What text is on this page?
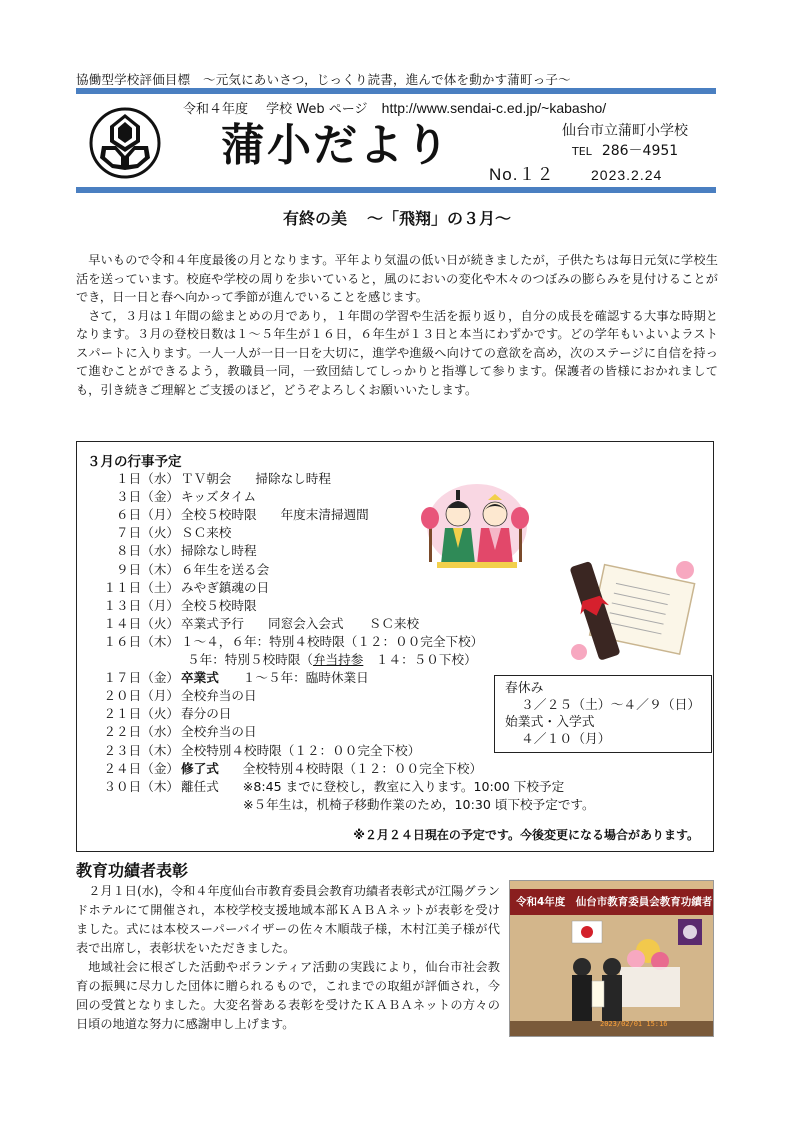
協働型学校評価目標　～元気にあいさつ，じっくり読書，進んで体を動かす蒲町っ子～
令和４年度 学校 Web ページ http://www.sendai-c.ed.jp/~kabasho/
蒲小だより
No.１２
仙台市立蒲町小学校
TEL 286－4951
2023.2.24
有終の美 ～「飛翔」の３月～

早いもので令和４年度最後の月となります。平年より気温の低い日が続きましたが，子供たちは毎日元気に学校生活を送っています。校庭や学校の周りを歩いていると，風のにおいの変化や木々のつぼみの膨らみを見付けることができ，日一日と春へ向かって季節が進んでいることを感じます。

さて，３月は１年間の総まとめの月であり，１年間の学習や生活を振り返り，自分の成長を確認する大事な時期となります。３月の登校日数は１～５年生が１６日，６年生が１３日と本当にわずかです。どの学年もいよいよラストスパートに入ります。一人一人が一日一日を大切に，進学や進級へ向けての意欲を高め，次のステージに自信を持って進むことができるよう，教職員一同，一致団結してしっかりと指導して参ります。保護者の皆様におかれましても，引き続きご理解とご支援のほど，どうぞよろしくお願いいたします。

３月の行事予定
１日（水） ＴＶ朝会 掃除なし時程
３日（金） キッズタイム
６日（月） 全校５校時限 年度末清掃週間
７日（火） ＳＣ来校
８日（水） 掃除なし時程
９日（木） ６年生を送る会
１１日（土） みやぎ鎮魂の日
１３日（月） 全校５校時限
１４日（火） 卒業式予行 同窓会入会式　　ＳＣ来校
１６日（木） １～４，６年：特別４校時限（１２：００完全下校）
５年：特別５校時限（弁当持参　１４：５０下校）
１７日（金） 卒業式 １～５年：臨時休業日
２０日（月） 全校弁当の日
２１日（火） 春分の日
２２日（水） 全校弁当の日
２３日（木） 全校特別４校時限（１２：００完全下校）
２４日（金） 修了式 全校特別４校時限（１２：００完全下校）
３０日（木） 離任式 ※8:45 までに登校し，教室に入ります。10:00 下校予定
※５年生は，机椅子移動作業のため，10:30 頃下校予定です。
春休み
３／２５（土）～４／９（日）
始業式・入学式
４／１０（月）
※２月２４日現在の予定です。今後変更になる場合があります。
教育功績者表彰

２月１日(水)，令和４年度仙台市教育委員会教育功績者表彰式が江陽グランドホテルにて開催され，本校学校支援地域本部ＫＡＢＡネットが表彰を受けました。式には本校スーパーバイザーの佐々木順哉子様，木村江美子様が代表で出席し，表彰状をいただきました。

地域社会に根ざした活動やボランティア活動の実践により，仙台市社会教育の振興に尽力した団体に贈られるもので，これまでの取組が評価され，今回の受賞となりました。大変名誉ある表彰を受けたＫＡＢＡネットの方々の日頃の地道な努力に感謝申し上げます。

令和4年度　仙台市教育委員会教育功績者
2023/02/01 15:16
